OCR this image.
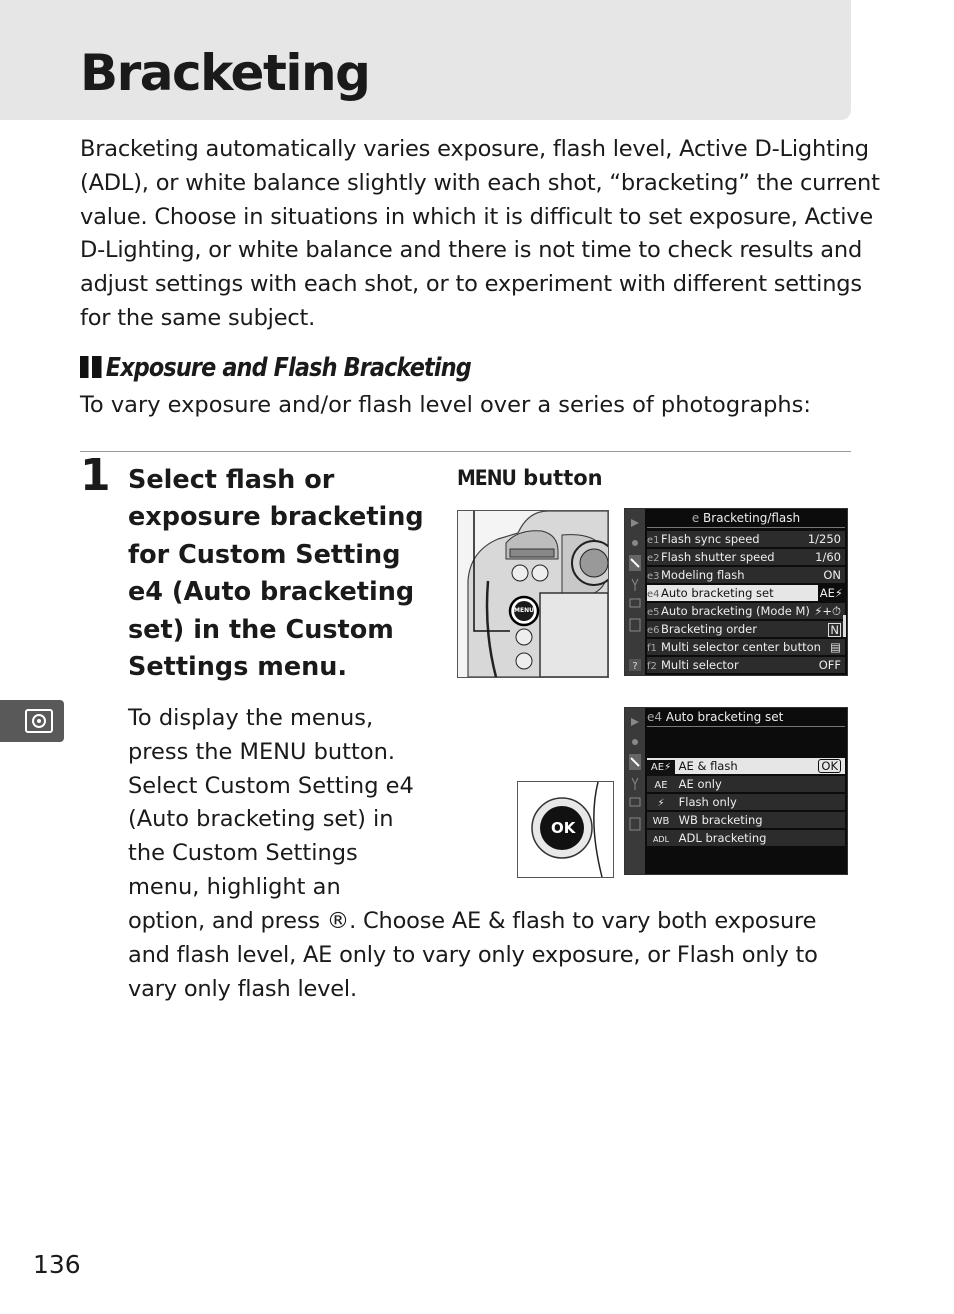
Bracketing

Bracketing automatically varies exposure, flash level, Active D-Lighting (ADL), or white balance slightly with each shot, “bracketing” the current value. Choose in situations in which it is difficult to set exposure, Active D-Lighting, or white balance and there is not time to check results and adjust settings with each shot, or to experiment with different settings for the same subject.

Exposure and Flash Bracketing

To vary exposure and/or flash level over a series of photographs:

1 Select flash or exposure bracketing for Custom Setting e4 (Auto bracketing set) in the Custom Settings menu.

MENU button
MENU
?
e Bracketing/flash
e1Flash sync speed	1/250
e2Flash shutter speed	1/60
e3Modeling flash	ON
e4Auto bracketing set	AE⚡
e5Auto bracketing (Mode M) ⚡+⏱
e6Bracketing order	N
f1 Multi selector center button ▤
f2 Multi selector	OFF
OK
e4 Auto bracketing set
AE⚡ AE & flash	OK
AE AE only
⚡ Flash only
WB WB bracketing
ADL ADL bracketing

To display the menus, press the MENU button. Select Custom Setting e4 (Auto bracketing set) in the Custom Settings menu, highlight an

option, and press ®. Choose AE & flash to vary both exposure and flash level, AE only to vary only exposure, or Flash only to vary only flash level.

136
